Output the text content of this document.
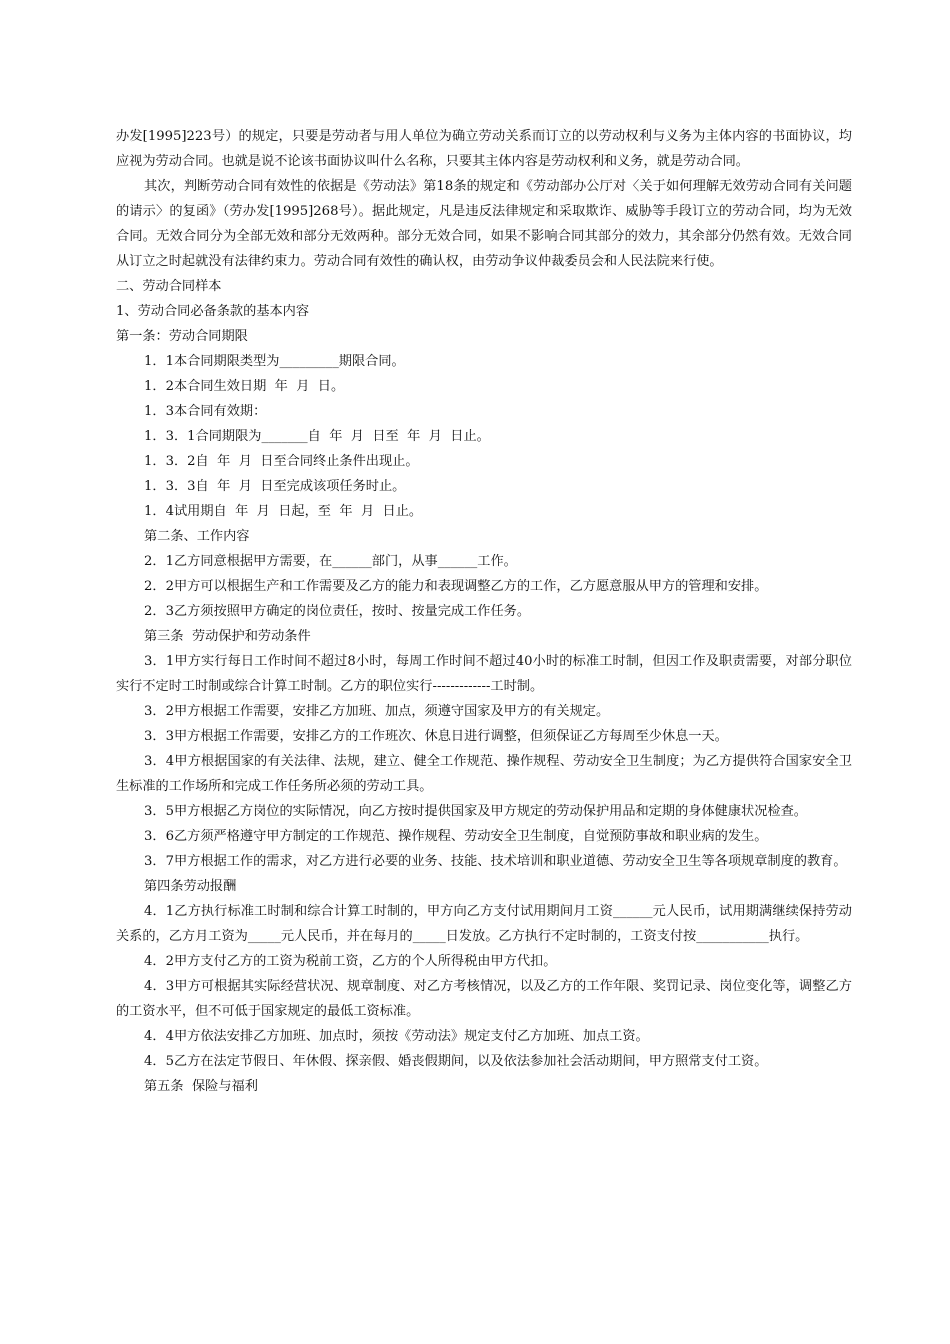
办发[1995]223号）的规定，只要是劳动者与用人单位为确立劳动关系而订立的以劳动权利与义务为主体内容的书面协议，均应视为劳动合同。也就是说不论该书面协议叫什么名称，只要其主体内容是劳动权利和义务，就是劳动合同。

其次，判断劳动合同有效性的依据是《劳动法》第18条的规定和《劳动部办公厅对〈关于如何理解无效劳动合同有关问题的请示〉的复函》（劳办发[1995]268号）。据此规定，凡是违反法律规定和采取欺诈、威胁等手段订立的劳动合同，均为无效合同。无效合同分为全部无效和部分无效两种。部分无效合同，如果不影响合同其部分的效力，其余部分仍然有效。无效合同从订立之时起就没有法律约束力。劳动合同有效性的确认权，由劳动争议仲裁委员会和人民法院来行使。

二、劳动合同样本

1、劳动合同必备条款的基本内容

第一条：劳动合同期限

1．1本合同期限类型为_________期限合同。

1．2本合同生效日期  年  月  日。

1．3本合同有效期：

1．3．1合同期限为_______自  年  月  日至  年  月  日止。

1．3．2自  年  月  日至合同终止条件出现止。

1．3．3自  年  月  日至完成该项任务时止。

1．4试用期自  年  月  日起，至  年  月  日止。

第二条、工作内容

2．1乙方同意根据甲方需要，在______部门，从事______工作。

2．2甲方可以根据生产和工作需要及乙方的能力和表现调整乙方的工作，乙方愿意服从甲方的管理和安排。

2．3乙方须按照甲方确定的岗位责任，按时、按量完成工作任务。

第三条  劳动保护和劳动条件

3．1甲方实行每日工作时间不超过8小时，每周工作时间不超过40小时的标准工时制，但因工作及职责需要，对部分职位实行不定时工时制或综合计算工时制。乙方的职位实行-------------工时制。

3．2甲方根据工作需要，安排乙方加班、加点，须遵守国家及甲方的有关规定。

3．3甲方根据工作需要，安排乙方的工作班次、休息日进行调整，但须保证乙方每周至少休息一天。

3．4甲方根据国家的有关法律、法规，建立、健全工作规范、操作规程、劳动安全卫生制度；为乙方提供符合国家安全卫生标准的工作场所和完成工作任务所必须的劳动工具。

3．5甲方根据乙方岗位的实际情况，向乙方按时提供国家及甲方规定的劳动保护用品和定期的身体健康状况检查。

3．6乙方须严格遵守甲方制定的工作规范、操作规程、劳动安全卫生制度，自觉预防事故和职业病的发生。

3．7甲方根据工作的需求，对乙方进行必要的业务、技能、技术培训和职业道德、劳动安全卫生等各项规章制度的教育。

第四条劳动报酬

4．1乙方执行标准工时制和综合计算工时制的，甲方向乙方支付试用期间月工资______元人民币，试用期满继续保持劳动关系的，乙方月工资为_____元人民币，并在每月的_____日发放。乙方执行不定时制的，工资支付按___________执行。

4．2甲方支付乙方的工资为税前工资，乙方的个人所得税由甲方代扣。

4．3甲方可根据其实际经营状况、规章制度、对乙方考核情况，以及乙方的工作年限、奖罚记录、岗位变化等，调整乙方的工资水平，但不可低于国家规定的最低工资标准。

4．4甲方依法安排乙方加班、加点时，须按《劳动法》规定支付乙方加班、加点工资。

4．5乙方在法定节假日、年休假、探亲假、婚丧假期间，以及依法参加社会活动期间，甲方照常支付工资。

第五条  保险与福利
